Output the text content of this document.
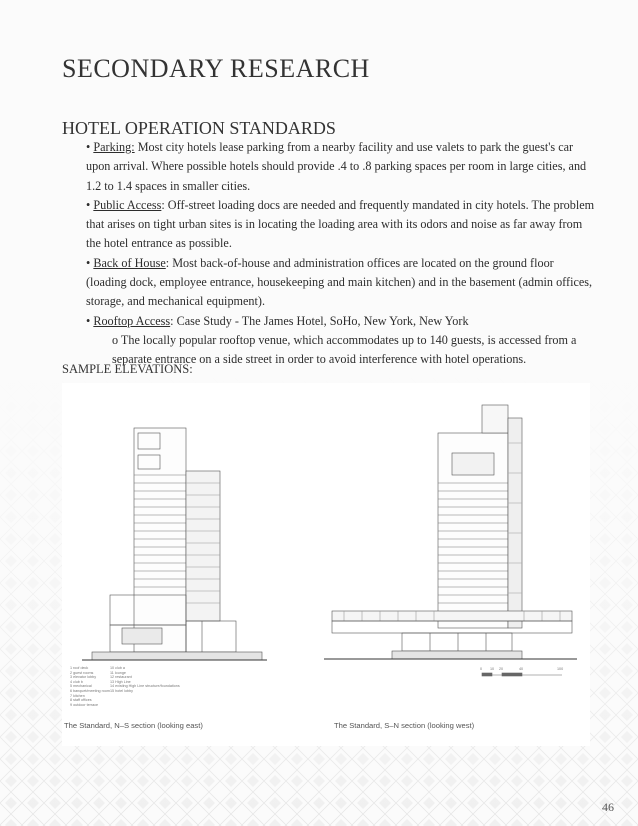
SECONDARY RESEARCH
HOTEL OPERATION STANDARDS

• Parking: Most city hotels lease parking from a nearby facility and use valets to park the guest's car upon arrival. Where possible hotels should provide .4 to .8 parking spaces per room in large cities, and 1.2 to 1.4 spaces in smaller cities.

• Public Access: Off-street loading docs are needed and frequently mandated in city hotels. The problem that arises on tight urban sites is in locating the loading area with its odors and noise as far away from the hotel entrance as possible.

• Back of House: Most back-of-house and administration offices are located on the ground floor (loading dock, employee entrance, housekeeping and main kitchen) and in the basement (admin offices, storage, and mechanical equipment).

• Rooftop Access: Case Study - The James Hotel, SoHo, New York, New York

o The locally popular rooftop venue, which accommodates up to 140 guests, is accessed from a separate entrance on a side street in order to avoid interference with hotel operations.

SAMPLE ELEVATIONS:
1 roof deck
2 guest rooms
3 elevator lobby
4 club b
5 mechanical
6 banquet/meeting room
7 kitchen
8 staff offices
9 outdoor terrace
10 club a
11 lounge
12 restaurant
13 High Line
14 existing High Line structure/foundations
15 hotel lobby
0 10 20	40	100
The Standard, N–S section (looking east)	The Standard, S–N section (looking west)
46
